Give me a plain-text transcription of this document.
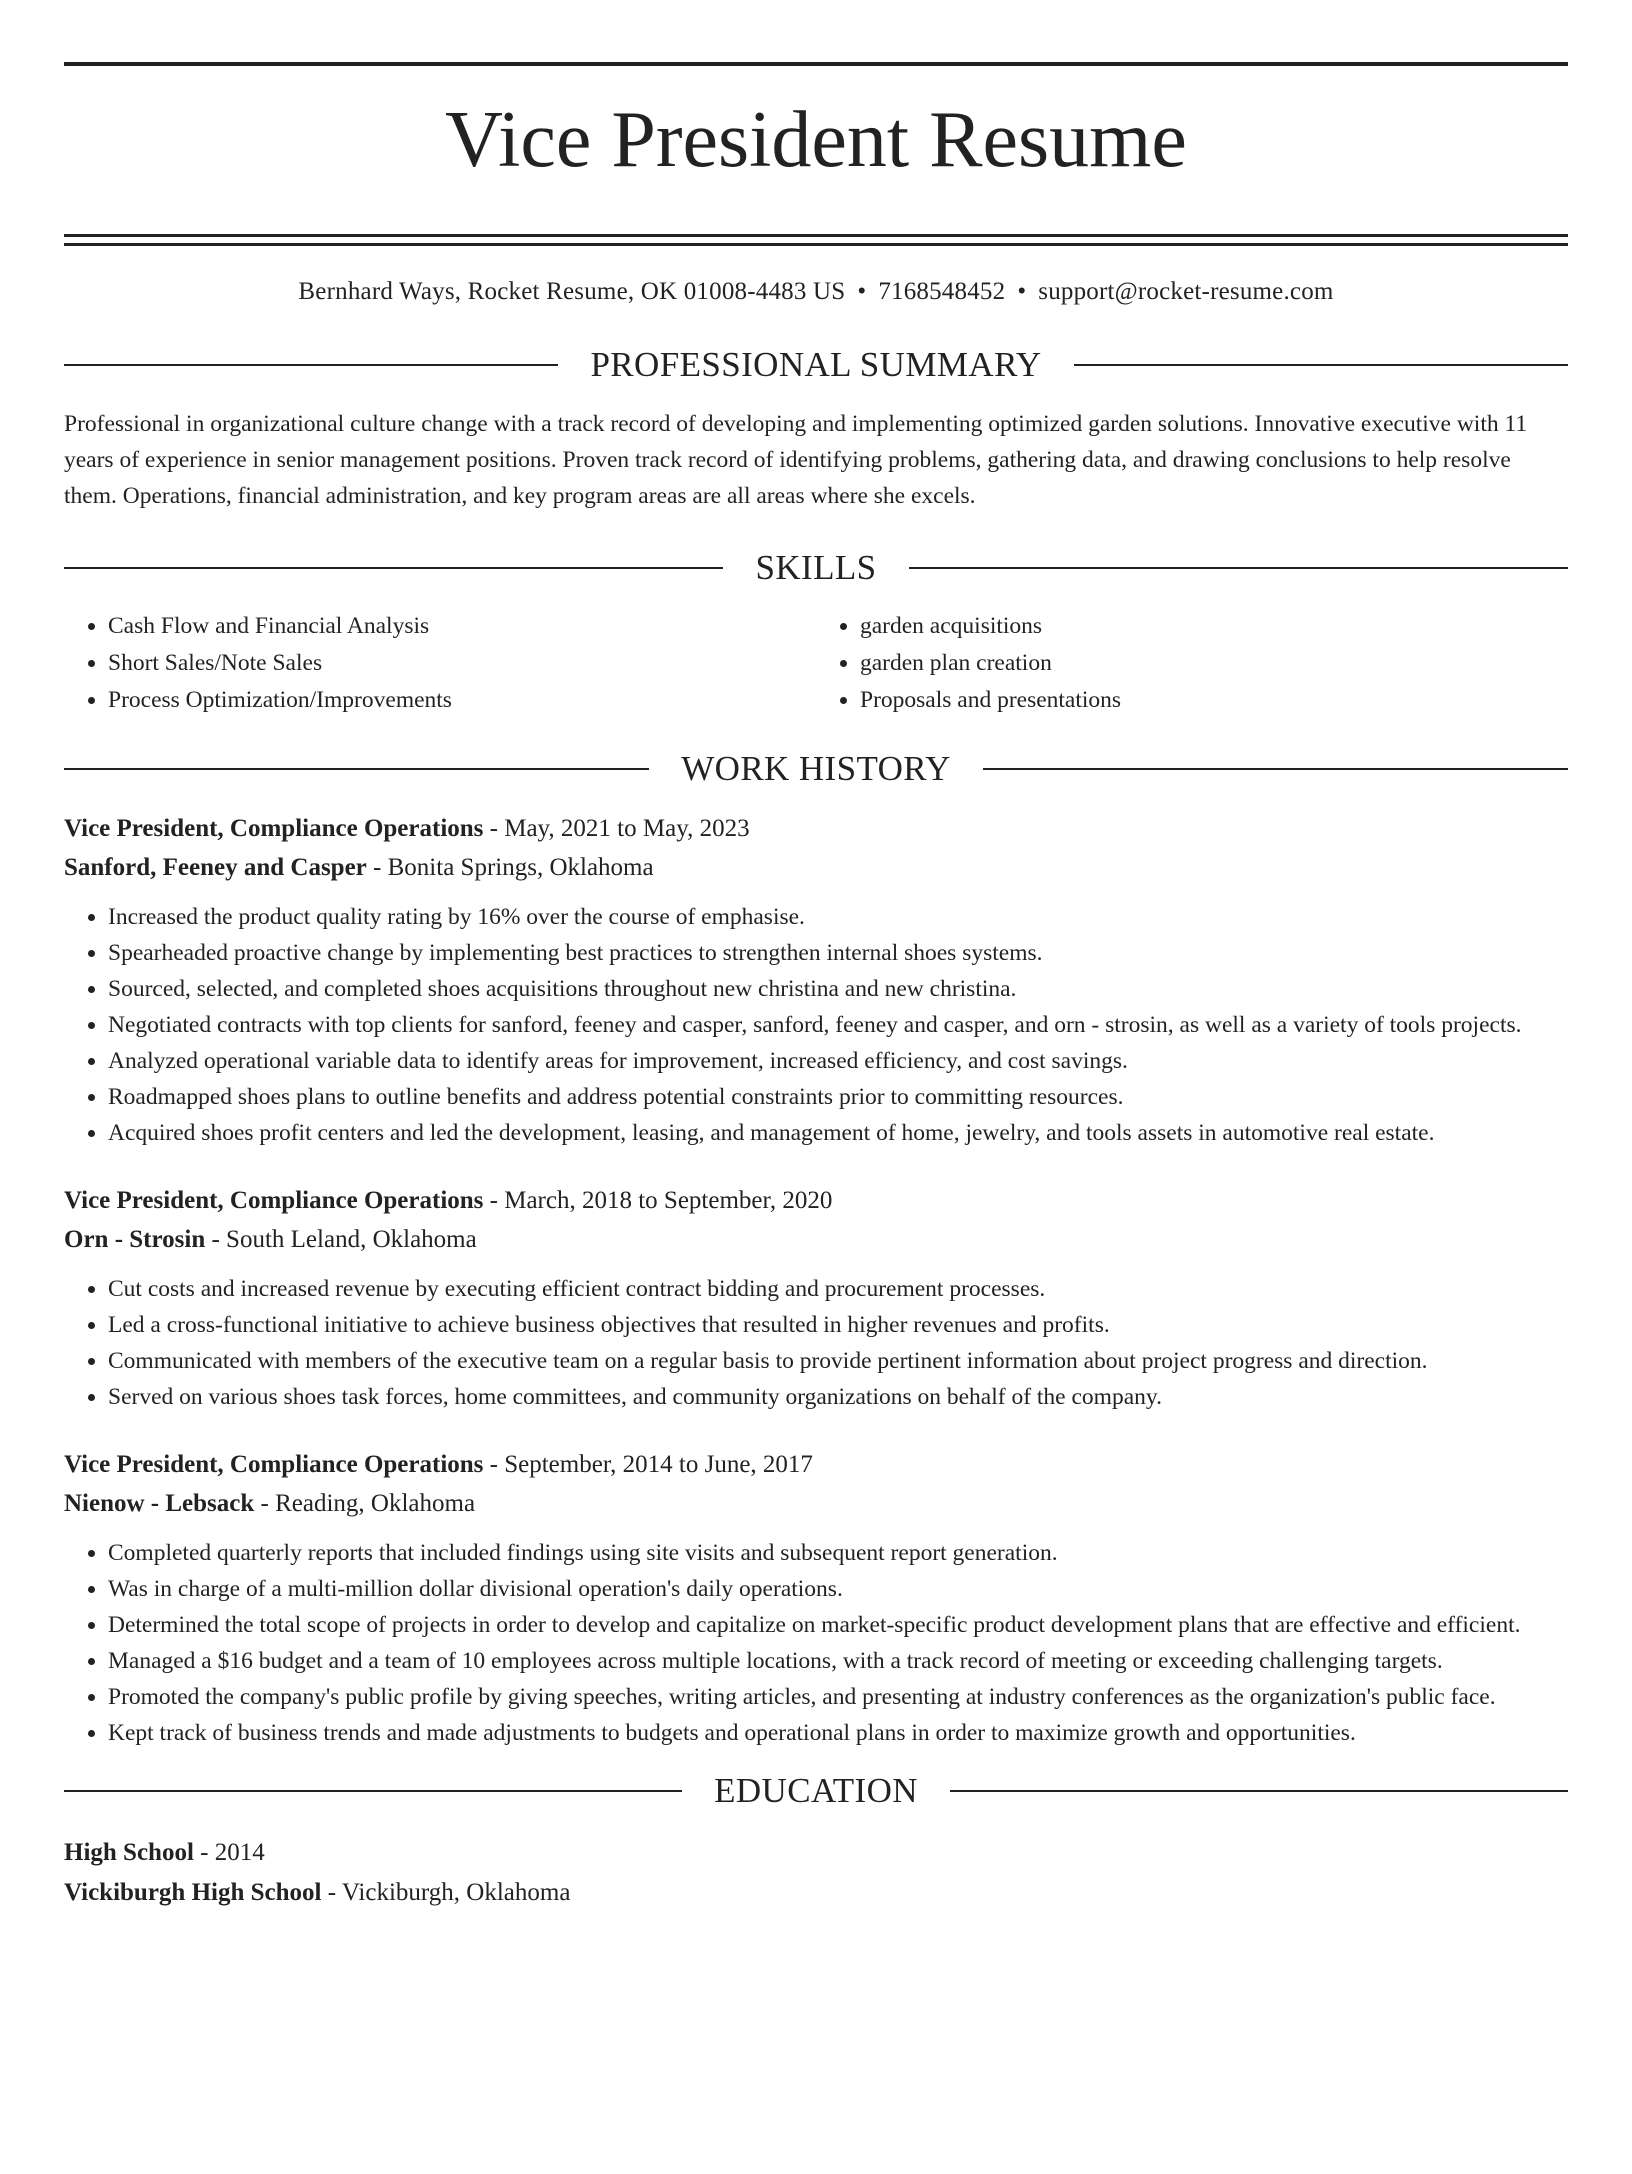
Vice President Resume
Bernhard Ways, Rocket Resume, OK 01008-4483 US • 7168548452 • support@rocket-resume.com
PROFESSIONAL SUMMARY
Professional in organizational culture change with a track record of developing and implementing optimized garden solutions. Innovative executive with 11 years of experience in senior management positions. Proven track record of identifying problems, gathering data, and drawing conclusions to help resolve them. Operations, financial administration, and key program areas are all areas where she excels.
SKILLS
• Cash Flow and Financial Analysis
• Short Sales/Note Sales
• Process Optimization/Improvements
• garden acquisitions
• garden plan creation
• Proposals and presentations
WORK HISTORY
Vice President, Compliance Operations - May, 2021 to May, 2023
Sanford, Feeney and Casper - Bonita Springs, Oklahoma
• Increased the product quality rating by 16% over the course of emphasise.
• Spearheaded proactive change by implementing best practices to strengthen internal shoes systems.
• Sourced, selected, and completed shoes acquisitions throughout new christina and new christina.
• Negotiated contracts with top clients for sanford, feeney and casper, sanford, feeney and casper, and orn - strosin, as well as a variety of tools projects.
• Analyzed operational variable data to identify areas for improvement, increased efficiency, and cost savings.
• Roadmapped shoes plans to outline benefits and address potential constraints prior to committing resources.
• Acquired shoes profit centers and led the development, leasing, and management of home, jewelry, and tools assets in automotive real estate.
Vice President, Compliance Operations - March, 2018 to September, 2020
Orn - Strosin - South Leland, Oklahoma
• Cut costs and increased revenue by executing efficient contract bidding and procurement processes.
• Led a cross-functional initiative to achieve business objectives that resulted in higher revenues and profits.
• Communicated with members of the executive team on a regular basis to provide pertinent information about project progress and direction.
• Served on various shoes task forces, home committees, and community organizations on behalf of the company.
Vice President, Compliance Operations - September, 2014 to June, 2017
Nienow - Lebsack - Reading, Oklahoma
• Completed quarterly reports that included findings using site visits and subsequent report generation.
• Was in charge of a multi-million dollar divisional operation's daily operations.
• Determined the total scope of projects in order to develop and capitalize on market-specific product development plans that are effective and efficient.
• Managed a $16 budget and a team of 10 employees across multiple locations, with a track record of meeting or exceeding challenging targets.
• Promoted the company's public profile by giving speeches, writing articles, and presenting at industry conferences as the organization's public face.
• Kept track of business trends and made adjustments to budgets and operational plans in order to maximize growth and opportunities.
EDUCATION
High School - 2014
Vickiburgh High School - Vickiburgh, Oklahoma
